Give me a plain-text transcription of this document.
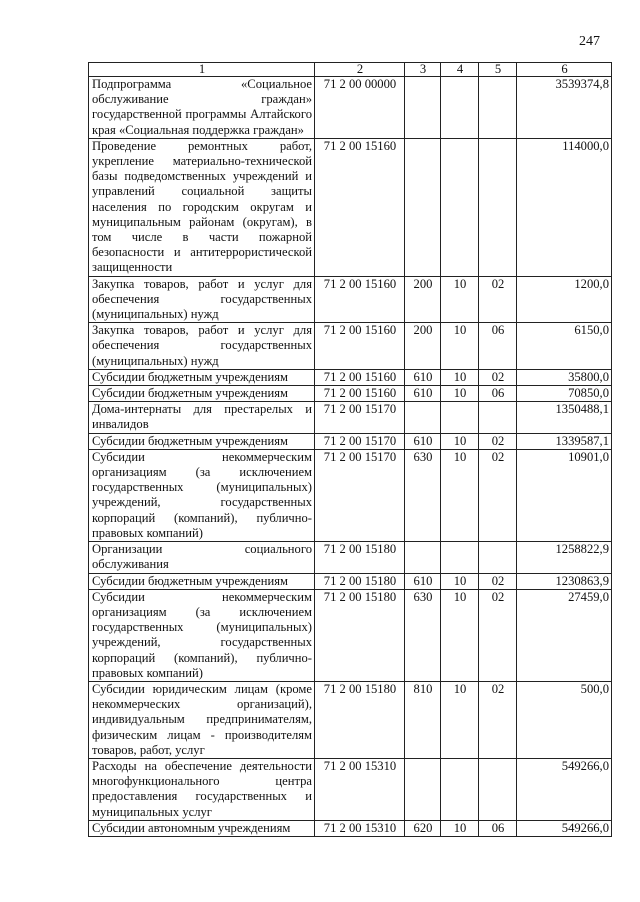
247
1	2	3	4	5	6
Подпрограмма «Социальное обслуживание граждан» государственной программы Алтайского края «Социальная поддержка граждан»	71 2 00 00000				3539374,8
Проведение ремонтных работ, укрепление материально-технической базы подведомственных учреждений и управлений социальной защиты населения по городским округам и муниципальным районам (округам), в том числе в части пожарной безопасности и антитеррористической защищенности	71 2 00 15160				114000,0
Закупка товаров, работ и услуг для обеспечения государственных (муниципальных) нужд	71 2 00 15160	200	10	02	1200,0
Закупка товаров, работ и услуг для обеспечения государственных (муниципальных) нужд	71 2 00 15160	200	10	06	6150,0
Субсидии бюджетным учреждениям	71 2 00 15160	610	10	02	35800,0
Субсидии бюджетным учреждениям	71 2 00 15160	610	10	06	70850,0
Дома-интернаты для престарелых и инвалидов	71 2 00 15170				1350488,1
Субсидии бюджетным учреждениям	71 2 00 15170	610	10	02	1339587,1
Субсидии некоммерческим организациям (за исключением государственных (муниципальных) учреждений, государственных корпораций (компаний), публично-правовых компаний)	71 2 00 15170	630	10	02	10901,0
Организации социального обслуживания	71 2 00 15180				1258822,9
Субсидии бюджетным учреждениям	71 2 00 15180	610	10	02	1230863,9
Субсидии некоммерческим организациям (за исключением государственных (муниципальных) учреждений, государственных корпораций (компаний), публично-правовых компаний)	71 2 00 15180	630	10	02	27459,0
Субсидии юридическим лицам (кроме некоммерческих организаций), индивидуальным предпринимателям, физическим лицам - производителям товаров, работ, услуг	71 2 00 15180	810	10	02	500,0
Расходы на обеспечение деятельности многофункционального центра предоставления государственных и муниципальных услуг	71 2 00 15310				549266,0
Субсидии автономным учреждениям	71 2 00 15310	620	10	06	549266,0
